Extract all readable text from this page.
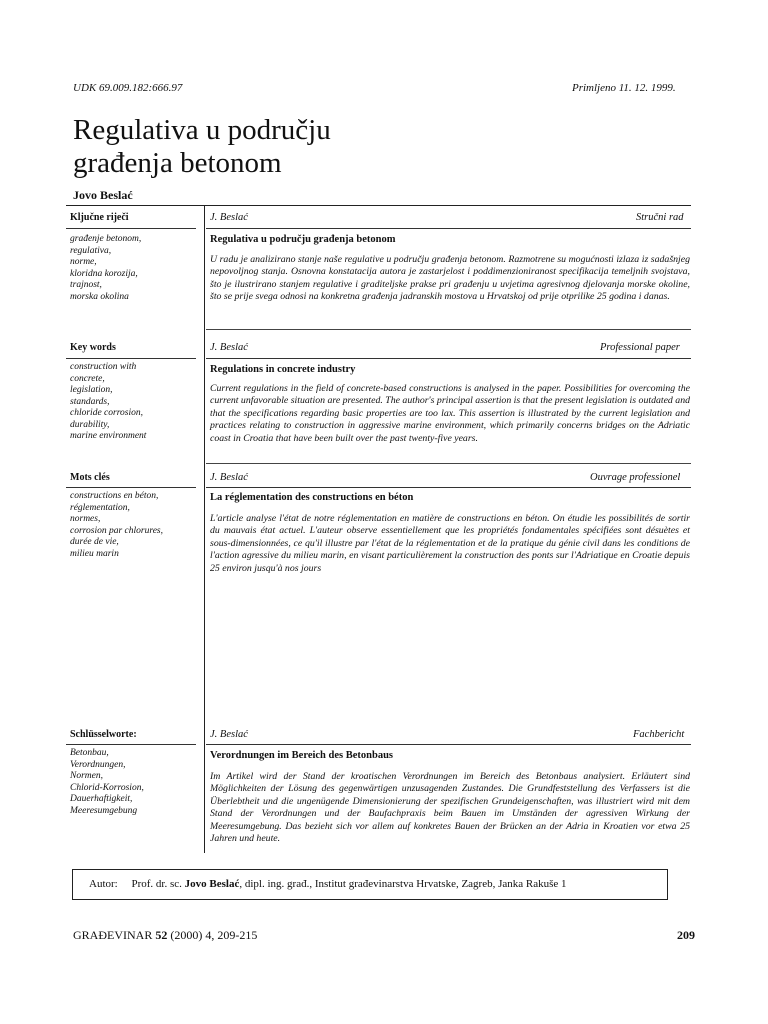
UDK 69.009.182:666.97	Primljeno 11. 12. 1999.
Regulativa u području
građenja betonom
Jovo Beslać
Ključne riječi
građenje betonom,
regulativa,
norme,
kloridna korozija,
trajnost,
morska okolina
J. Beslać	Stručni rad
Regulativa u području građenja betonom

U radu je analizirano stanje naše regulative u području građenja betonom. Razmotrene su mogućnosti izlaza iz sadašnjeg nepovoljnog stanja. Osnovna konstatacija autora je zastarjelost i poddimenzioniranost specifikacija temeljnih svojstava, što je ilustrirano stanjem regulative i graditeljske prakse pri građenju u uvjetima agresivnog djelovanja morske okoline, što se prije svega odnosi na konkretna građenja jadranskih mostova u Hrvatskoj od prije otprilike 25 godina i danas.

Key words
construction with
concrete,
legislation,
standards,
chloride corrosion,
durability,
marine environment
J. Beslać	Professional paper
Regulations in concrete industry

Current regulations in the field of concrete-based constructions is analysed in the paper. Possibilities for overcoming the current unfavorable situation are presented. The author's principal assertion is that the present legislation is outdated and that the specifications regarding basic properties are too lax. This assertion is illustrated by the current legislation and practices relating to construction in aggressive marine environment, which primarily concerns bridges on the Adriatic coast in Croatia that have been built over the past twenty-five years.

Mots clés
constructions en béton,
réglementation,
normes,
corrosion par chlorures,
durée de vie,
milieu marin
J. Beslać	Ouvrage professionel
La réglementation des constructions en béton

L'article analyse l'état de notre réglementation en matière de constructions en béton. On étudie les possibilités de sortir du mauvais état actuel. L'auteur observe essentiellement que les propriétés fondamentales spécifiées sont désuètes et sous-dimensionnées, ce qu'il illustre par l'état de la réglementation et de la pratique du génie civil dans les conditions de l'action agressive du milieu marin, en visant particulièrement la construction des ponts sur l'Adriatique en Croatie depuis 25 environ jusqu'à nos jours

Schlüsselworte:
Betonbau,
Verordnungen,
Normen,
Chlorid-Korrosion,
Dauerhaftigkeit,
Meeresumgebung
J. Beslać	Fachbericht
Verordnungen im Bereich des Betonbaus

Im Artikel wird der Stand der kroatischen Verordnungen im Bereich des Betonbaus analysiert. Erläutert sind Möglichkeiten der Lösung des gegenwärtigen unzusagenden Zustandes. Die Grundfeststellung des Verfassers ist die Überlebtheit und die ungenügende Dimensionierung der spezifischen Grundeigenschaften, was illustriert wird mit dem Stand der Verordnungen und der Baufachpraxis beim Bauen im Umständen der agressiven Wirkung der Meeresumgebung. Das bezieht sich vor allem auf konkretes Bauen der Brücken an der Adria in Kroatien vor etwa 25 Jahren und heute.

Autor: Prof. dr. sc. Jovo Beslać, dipl. ing. građ., Institut građevinarstva Hrvatske, Zagreb, Janka Rakuše 1
GRAĐEVINAR 52 (2000) 4, 209-215	209
